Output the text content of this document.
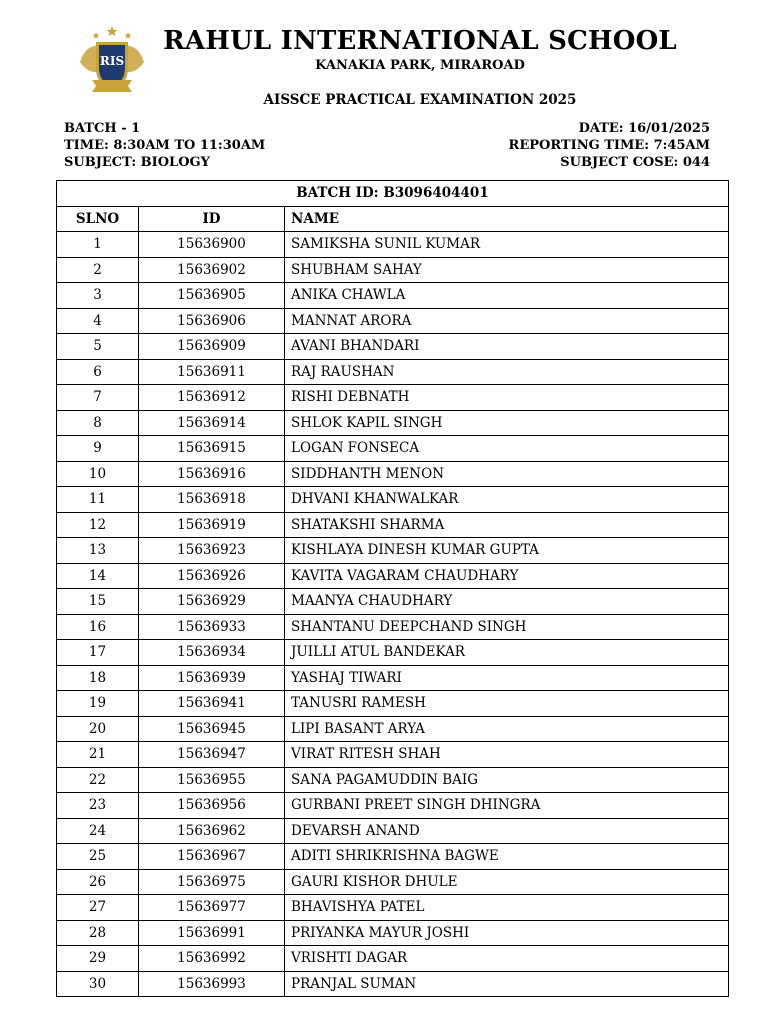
RIS
RAHUL INTERNATIONAL SCHOOL
KANAKIA PARK, MIRAROAD
AISSCE PRACTICAL EXAMINATION 2025
BATCH - 1
TIME: 8:30AM TO 11:30AM
SUBJECT: BIOLOGY
DATE: 16/01/2025
REPORTING TIME: 7:45AM
SUBJECT COSE: 044
BATCH ID: B3096404401		
SLNO	ID	NAME
1	15636900	SAMIKSHA SUNIL KUMAR
2	15636902	SHUBHAM SAHAY
3	15636905	ANIKA CHAWLA
4	15636906	MANNAT ARORA
5	15636909	AVANI BHANDARI
6	15636911	RAJ RAUSHAN
7	15636912	RISHI DEBNATH
8	15636914	SHLOK KAPIL SINGH
9	15636915	LOGAN FONSECA
10	15636916	SIDDHANTH MENON
11	15636918	DHVANI KHANWALKAR
12	15636919	SHATAKSHI SHARMA
13	15636923	KISHLAYA DINESH KUMAR GUPTA
14	15636926	KAVITA VAGARAM CHAUDHARY
15	15636929	MAANYA CHAUDHARY
16	15636933	SHANTANU DEEPCHAND SINGH
17	15636934	JUILLI ATUL BANDEKAR
18	15636939	YASHAJ TIWARI
19	15636941	TANUSRI RAMESH
20	15636945	LIPI BASANT ARYA
21	15636947	VIRAT RITESH SHAH
22	15636955	SANA PAGAMUDDIN BAIG
23	15636956	GURBANI PREET SINGH DHINGRA
24	15636962	DEVARSH ANAND
25	15636967	ADITI SHRIKRISHNA BAGWE
26	15636975	GAURI KISHOR DHULE
27	15636977	BHAVISHYA PATEL
28	15636991	PRIYANKA MAYUR JOSHI
29	15636992	VRISHTI DAGAR
30	15636993	PRANJAL SUMAN
